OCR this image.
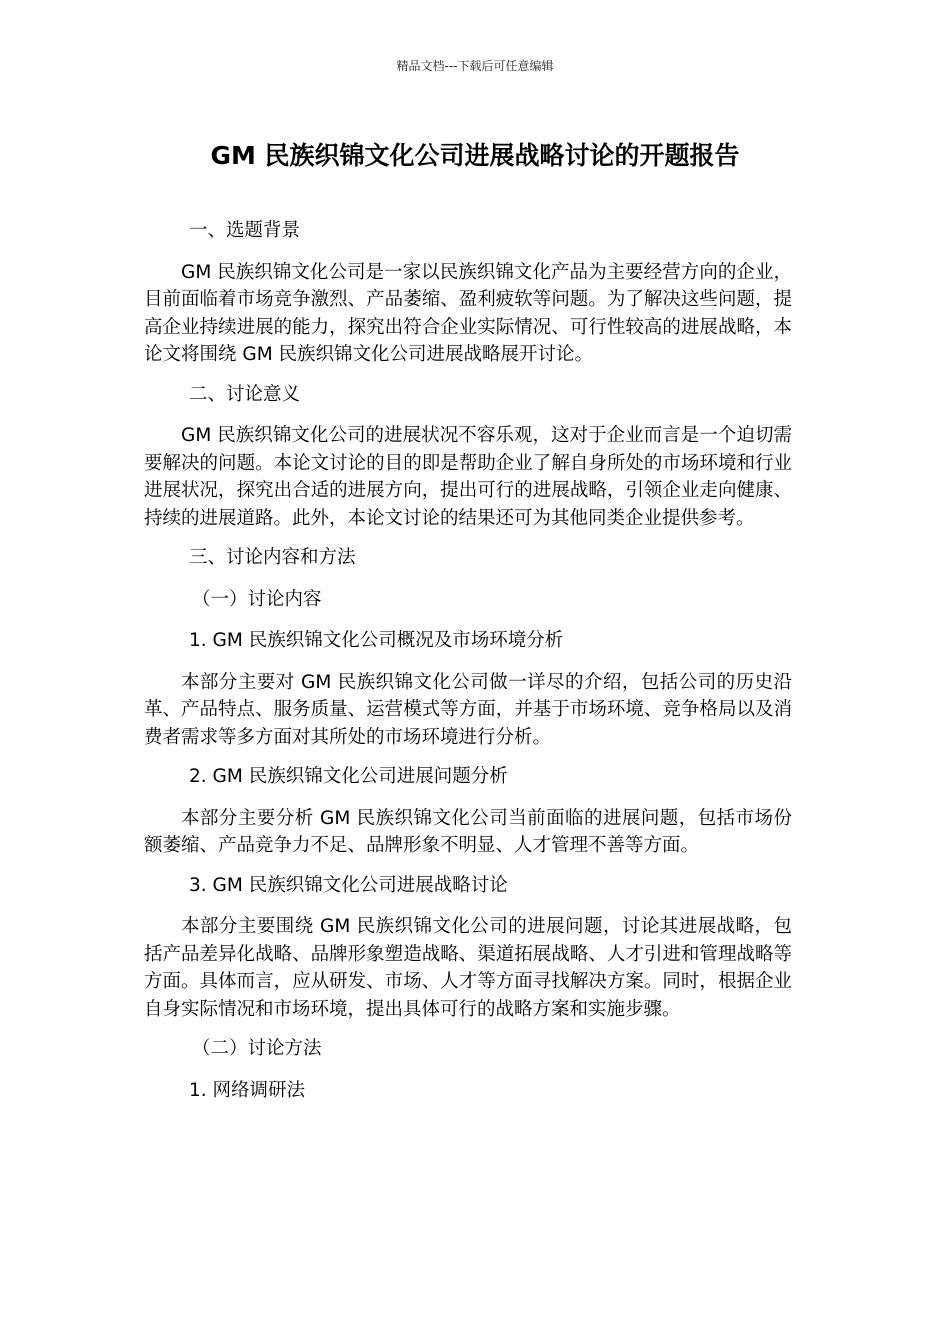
精品文档---下载后可任意编辑
GM 民族织锦文化公司进展战略讨论的开题报告

一、选题背景

GM 民族织锦文化公司是一家以民族织锦文化产品为主要经营方向的企业，目前面临着市场竞争激烈、产品萎缩、盈利疲软等问题。为了解决这些问题，提高企业持续进展的能力，探究出符合企业实际情况、可行性较高的进展战略，本论文将围绕 GM 民族织锦文化公司进展战略展开讨论。

二、讨论意义

GM 民族织锦文化公司的进展状况不容乐观，这对于企业而言是一个迫切需要解决的问题。本论文讨论的目的即是帮助企业了解自身所处的市场环境和行业进展状况，探究出合适的进展方向，提出可行的进展战略，引领企业走向健康、持续的进展道路。此外，本论文讨论的结果还可为其他同类企业提供参考。

三、讨论内容和方法

（一）讨论内容

1. GM 民族织锦文化公司概况及市场环境分析

本部分主要对 GM 民族织锦文化公司做一详尽的介绍，包括公司的历史沿革、产品特点、服务质量、运营模式等方面，并基于市场环境、竞争格局以及消费者需求等多方面对其所处的市场环境进行分析。

2. GM 民族织锦文化公司进展问题分析

本部分主要分析 GM 民族织锦文化公司当前面临的进展问题，包括市场份额萎缩、产品竞争力不足、品牌形象不明显、人才管理不善等方面。

3. GM 民族织锦文化公司进展战略讨论

本部分主要围绕 GM 民族织锦文化公司的进展问题，讨论其进展战略，包括产品差异化战略、品牌形象塑造战略、渠道拓展战略、人才引进和管理战略等方面。具体而言，应从研发、市场、人才等方面寻找解决方案。同时，根据企业自身实际情况和市场环境，提出具体可行的战略方案和实施步骤。

（二）讨论方法

1. 网络调研法
